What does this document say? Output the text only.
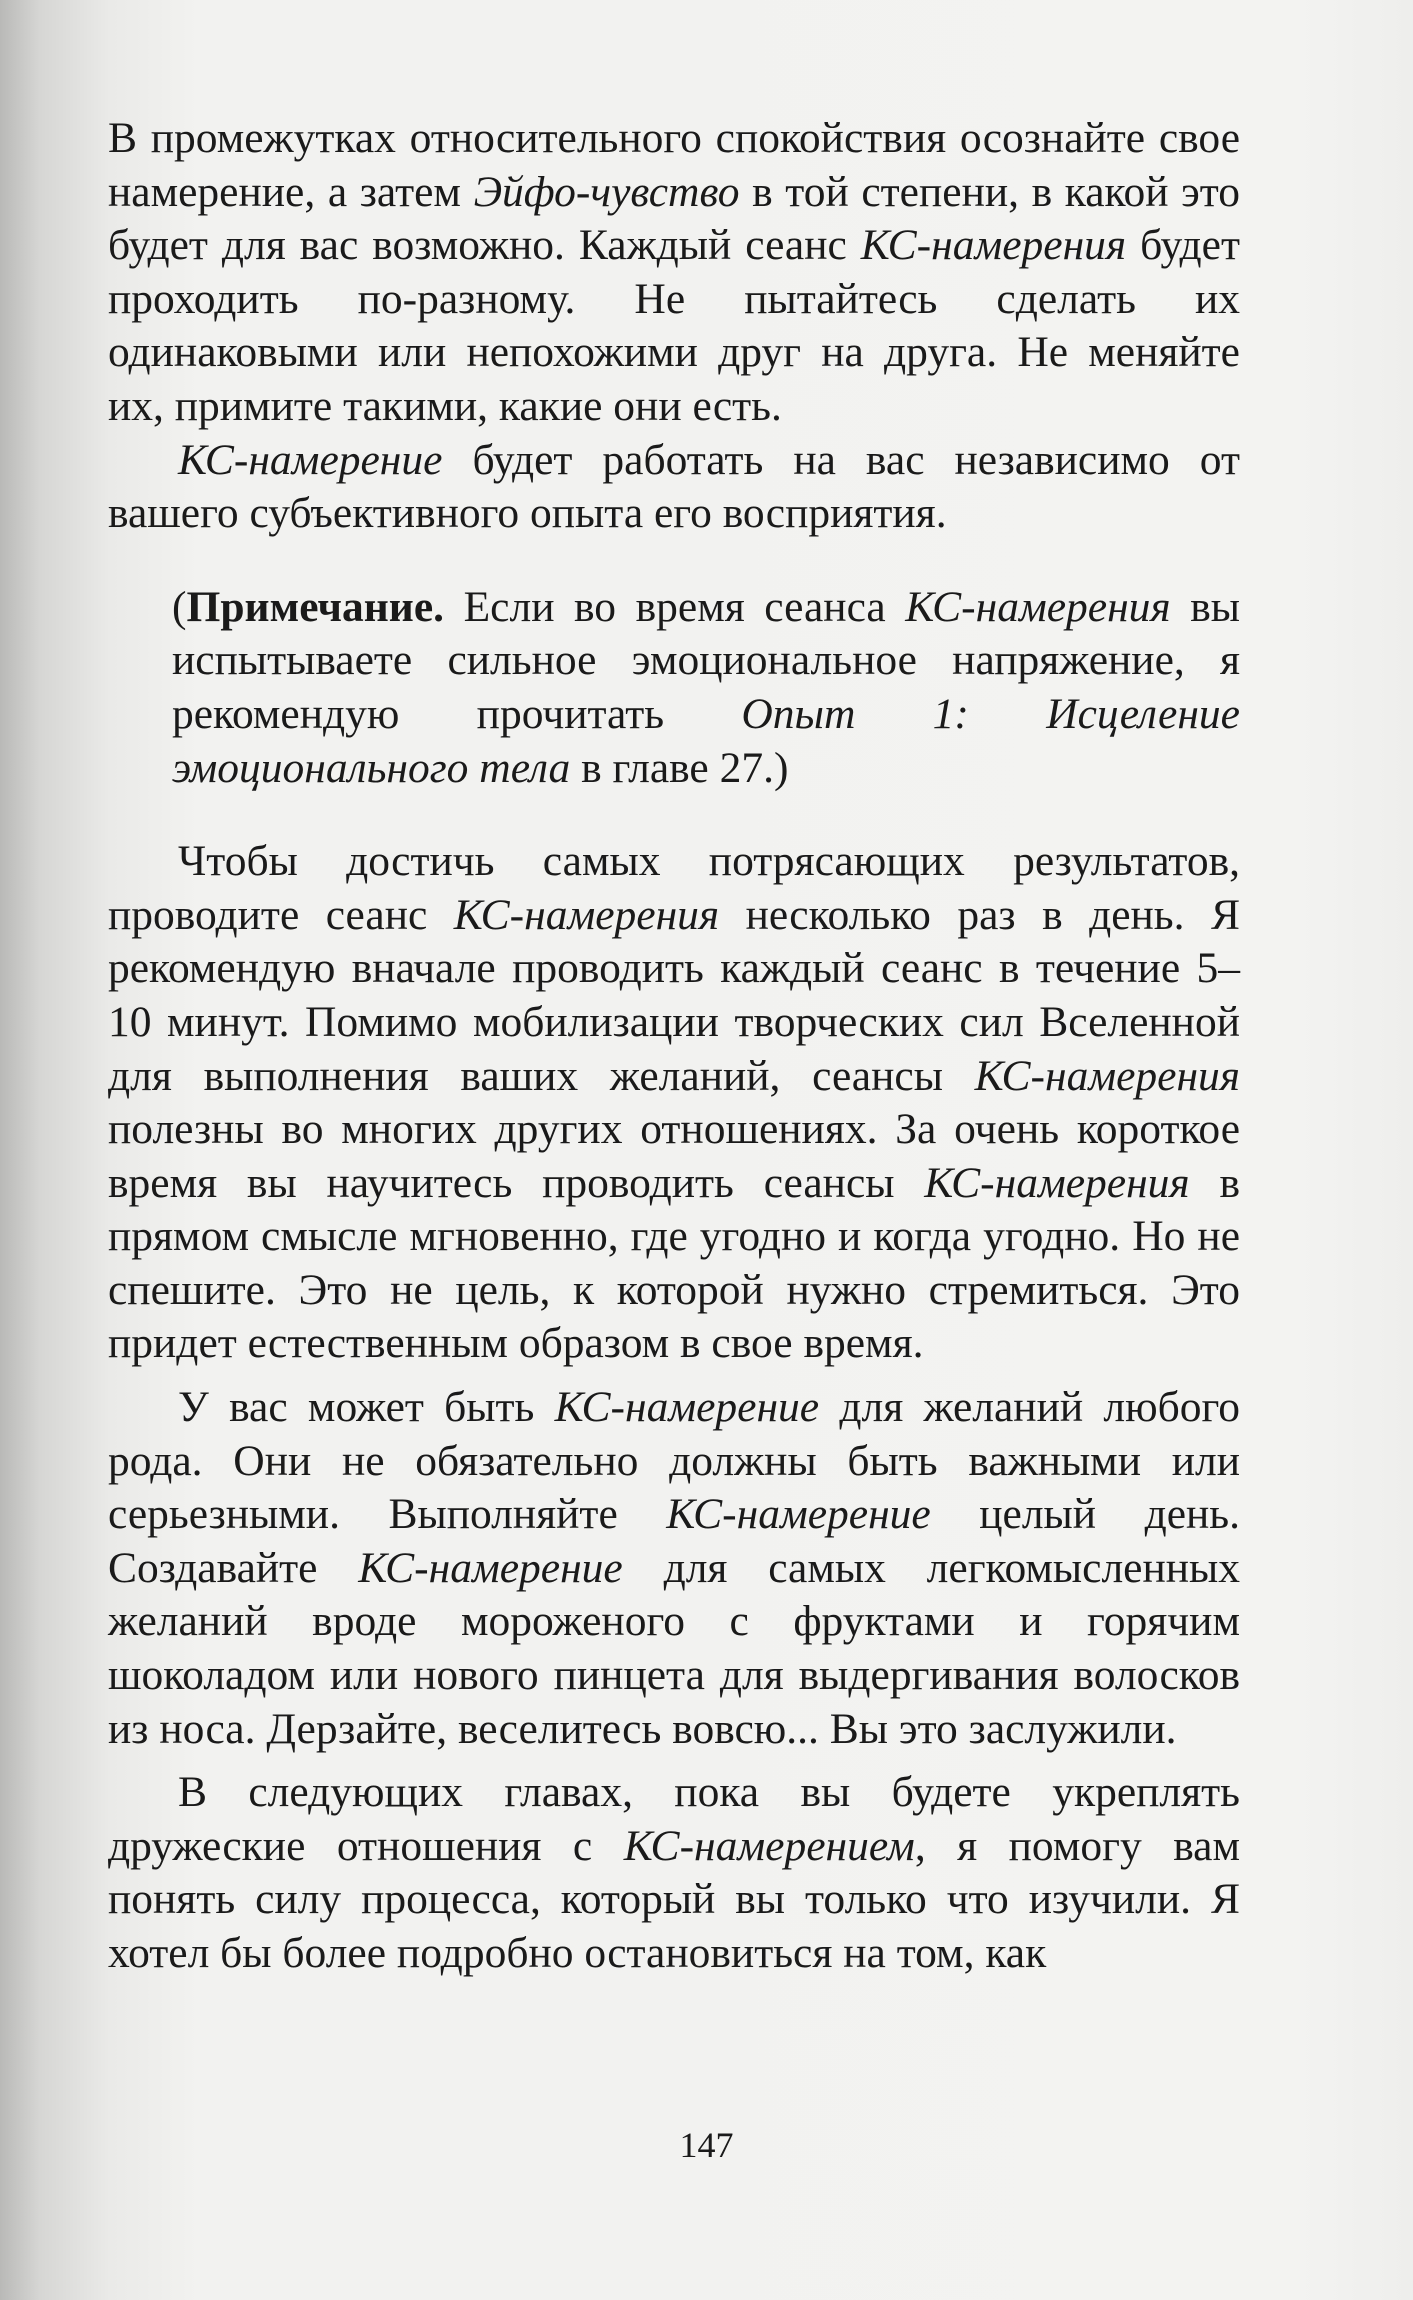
В промежутках относительного спокойствия осознайте свое намерение, а затем Эйфо-чувство в той степени, в какой это будет для вас возможно. Каждый сеанс КС-намерения будет проходить по-разному. Не пытайтесь сделать их одинаковыми или непохожими друг на друга. Не меняйте их, примите такими, какие они есть.

КС-намерение будет работать на вас независимо от вашего субъективного опыта его восприятия.

(Примечание. Если во время сеанса КС-намерения вы испытываете сильное эмоциональное напряжение, я рекомендую прочитать Опыт 1: Исцеление эмоционального тела в главе 27.)

Чтобы достичь самых потрясающих результатов, проводите сеанс КС-намерения несколько раз в день. Я рекомендую вначале проводить каждый сеанс в течение 5–10 минут. Помимо мобилизации творческих сил Вселенной для выполнения ваших желаний, сеансы КС-намерения полезны во многих других отношениях. За очень короткое время вы научитесь проводить сеансы КС-намерения в прямом смысле мгновенно, где угодно и когда угодно. Но не спешите. Это не цель, к которой нужно стремиться. Это придет естественным образом в свое время.

У вас может быть КС-намерение для желаний любого рода. Они не обязательно должны быть важными или серьезными. Выполняйте КС-намерение целый день. Создавайте КС-намерение для самых легкомысленных желаний вроде мороженого с фруктами и горячим шоколадом или нового пинцета для выдергивания волосков из носа. Дерзайте, веселитесь вовсю... Вы это заслужили.

В следующих главах, пока вы будете укреплять дружеские отношения с КС-намерением, я помогу вам понять силу процесса, который вы только что изучили. Я хотел бы более подробно остановиться на том, как

147
